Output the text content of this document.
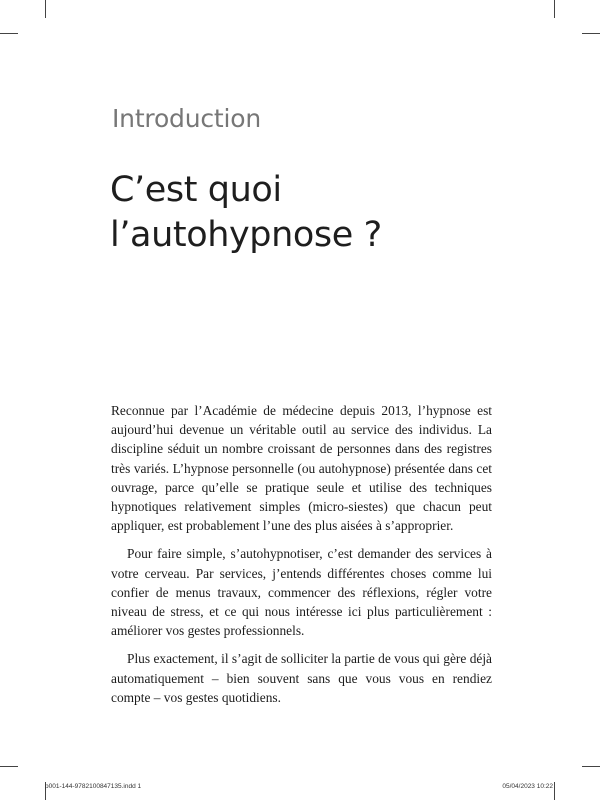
Introduction
C’est quoi
l’autohypnose ?

Reconnue par l’Académie de médecine depuis 2013, l’hypnose est aujourd’hui devenue un véritable outil au service des individus. La discipline séduit un nombre croissant de personnes dans des registres très variés. L’hypnose personnelle (ou autohypnose) présentée dans cet ouvrage, parce qu’elle se pratique seule et utilise des techniques hypnotiques relativement simples (micro-siestes) que chacun peut appliquer, est probablement l’une des plus aisées à s’approprier.

Pour faire simple, s’autohypnotiser, c’est demander des services à votre cerveau. Par services, j’entends différentes choses comme lui confier de menus travaux, commencer des réflexions, régler votre niveau de stress, et ce qui nous intéresse ici plus particulièrement : améliorer vos gestes professionnels.

Plus exactement, il s’agit de solliciter la partie de vous qui gère déjà automatiquement – bien souvent sans que vous vous en rendiez compte – vos gestes quotidiens.

p001-144-9782100847135.indd 1	05/04/2023 10:22
